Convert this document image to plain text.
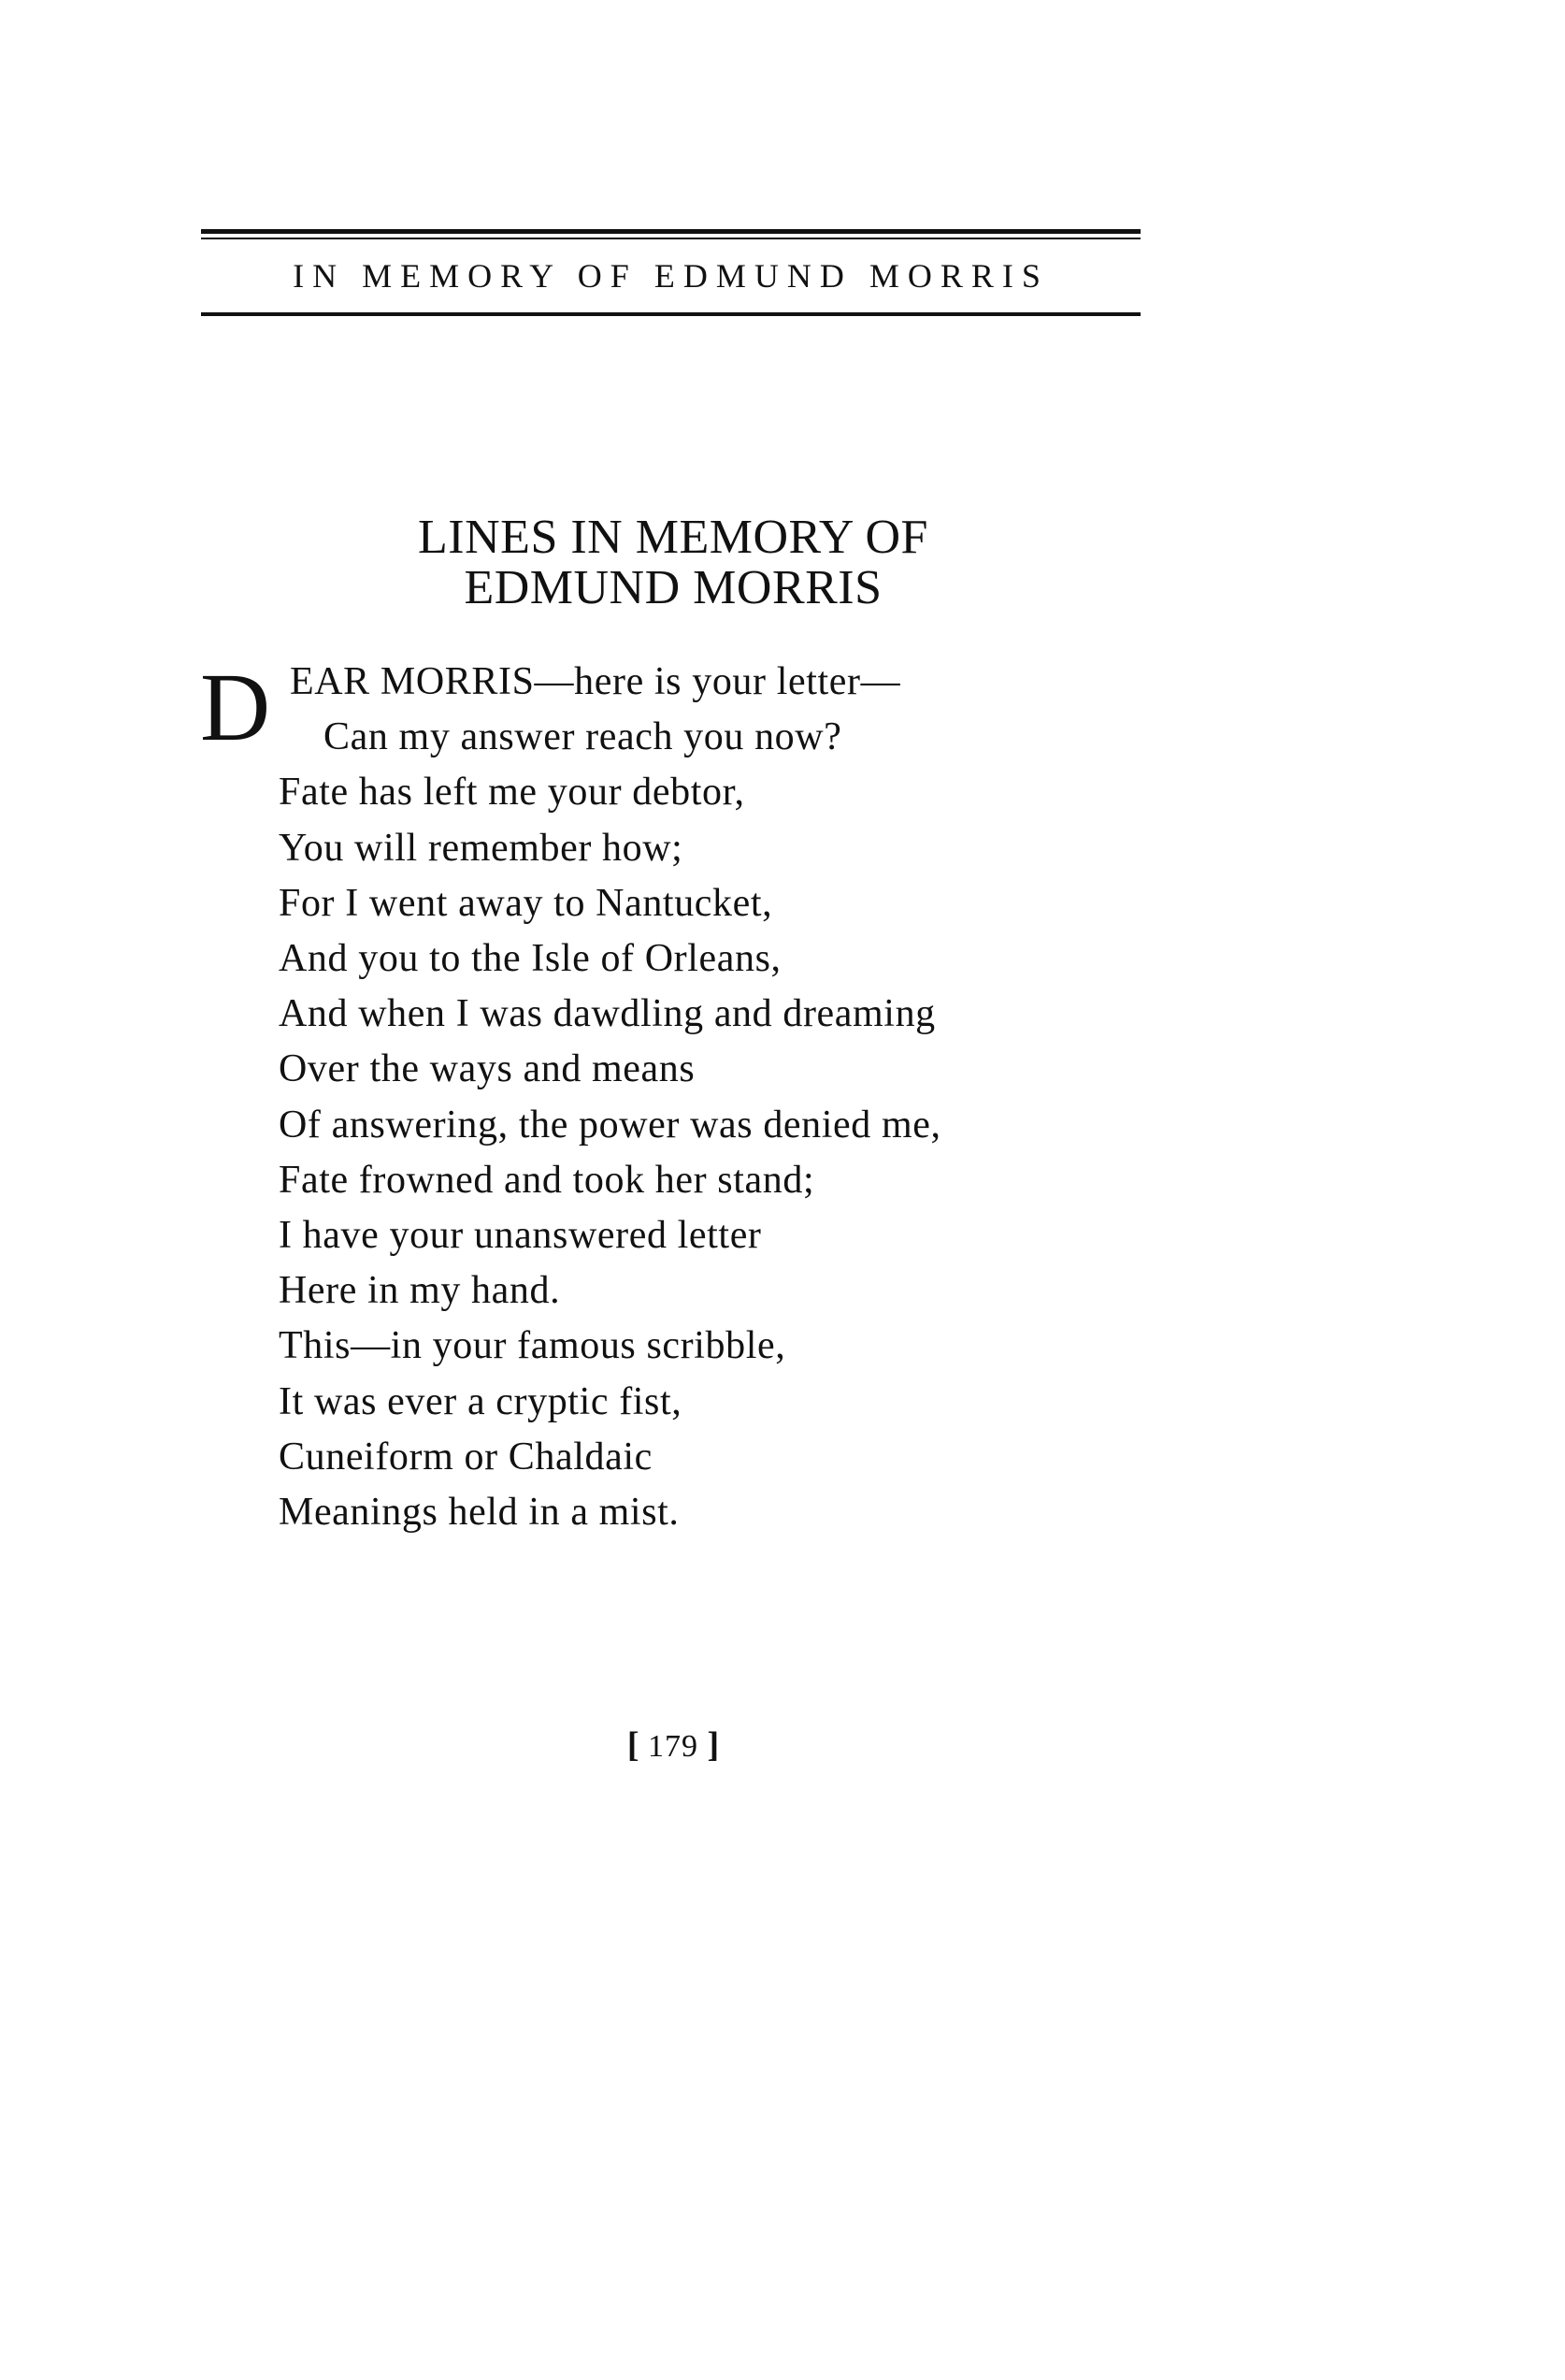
IN MEMORY OF EDMUND MORRIS
LINES IN MEMORY OF
EDMUND MORRIS
D EAR MORRIS—here is your letter—
Can my answer reach you now?
Fate has left me your debtor,
You will remember how;
For I went away to Nantucket,
And you to the Isle of Orleans,
And when I was dawdling and dreaming
Over the ways and means
Of answering, the power was denied me,
Fate frowned and took her stand;
I have your unanswered letter
Here in my hand.
This—in your famous scribble,
It was ever a cryptic fist,
Cuneiform or Chaldaic
Meanings held in a mist.
[ 179 ]
